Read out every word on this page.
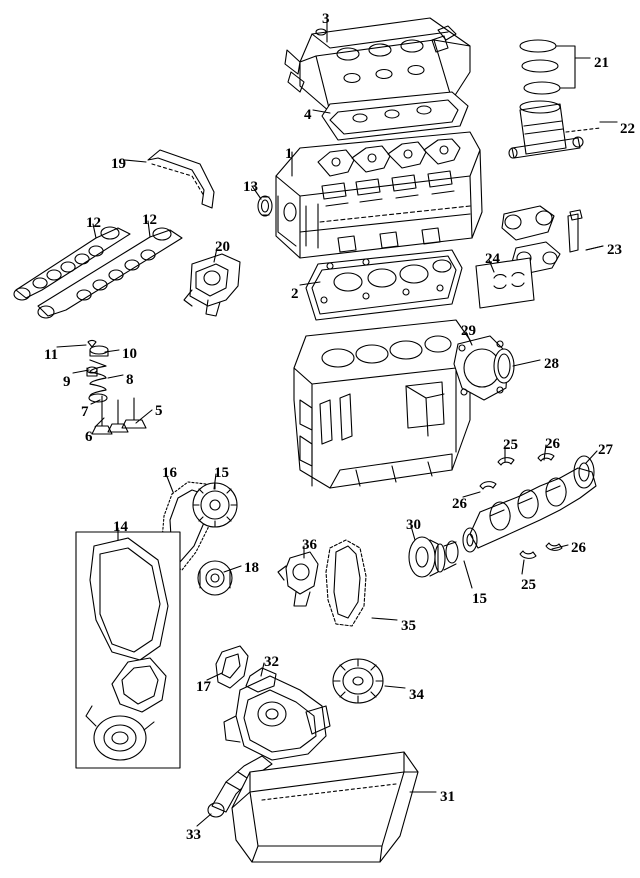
1
2
3
4
5
6
7
8
9
10
11
12	12
13
14
15
15
16
17
18
19
20
21
22
23
24
25
25
26
26
26
27
28
29
30
31
32
33
34
35
36
